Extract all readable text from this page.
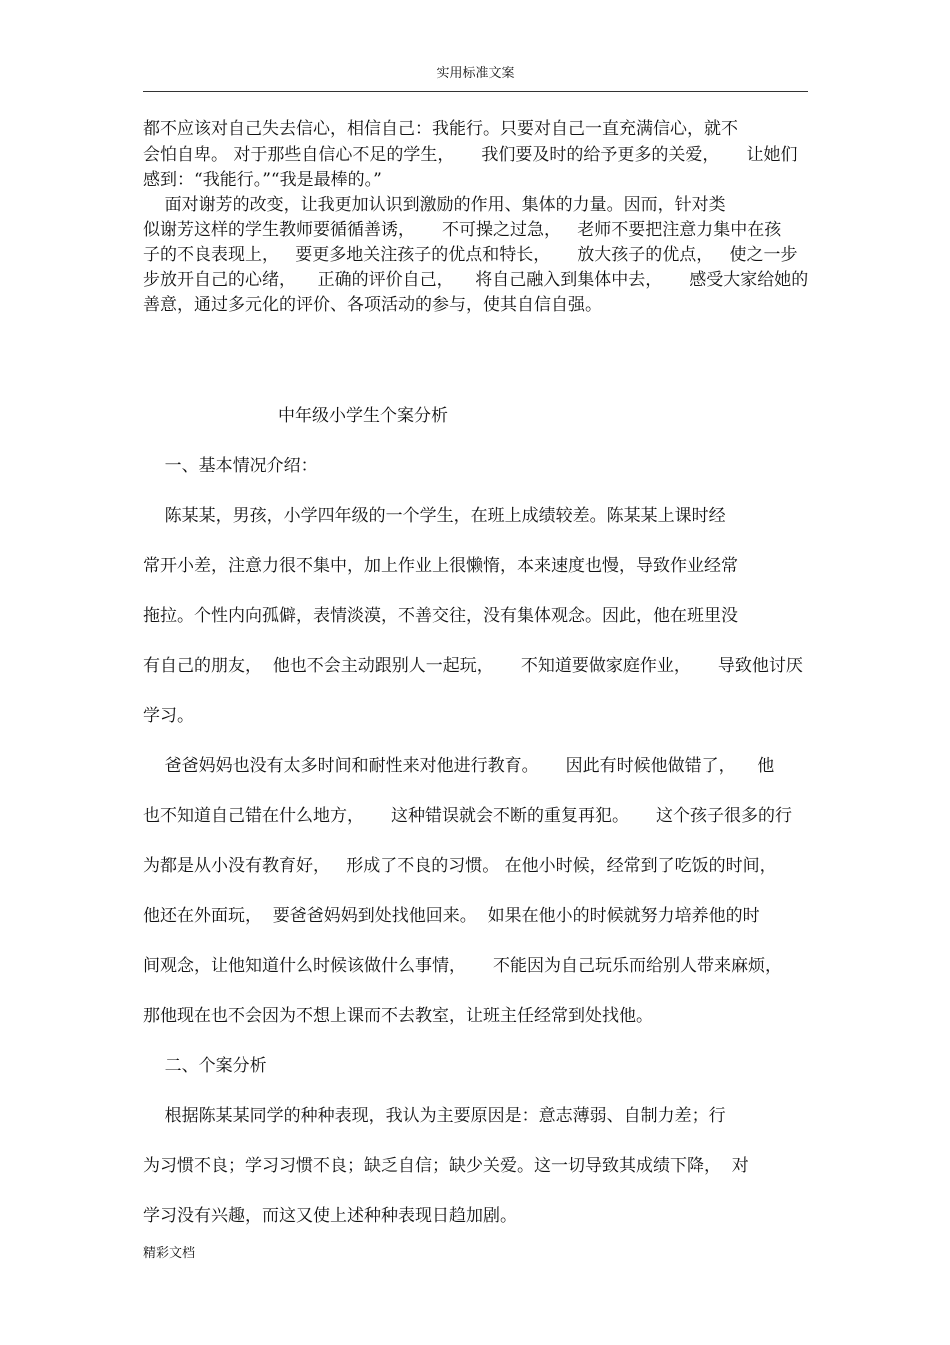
实用标准文案
都不应该对自己失去信心，相信自己：我能行。只要对自己一直充满信心，就不
会怕自卑。 对于那些自信心不足的学生，     我们要及时的给予更多的关爱，     让她们
感到：“我能行。”“我是最棒的。”
面对谢芳的改变，让我更加认识到激励的作用、集体的力量。因而，针对类
似谢芳这样的学生教师要循循善诱，     不可操之过急，   老师不要把注意力集中在孩
子的不良表现上，   要更多地关注孩子的优点和特长，     放大孩子的优点，   使之一步
步放开自己的心绪，    正确的评价自己，    将自己融入到集体中去，     感受大家给她的
善意，通过多元化的评价、各项活动的参与，使其自信自强。
中年级小学生个案分析
一、基本情况介绍：
陈某某，男孩，小学四年级的一个学生，在班上成绩较差。陈某某上课时经
常开小差，注意力很不集中，加上作业上很懒惰，本来速度也慢，导致作业经常
拖拉。个性内向孤僻，表情淡漠，不善交往，没有集体观念。因此，他在班里没
有自己的朋友，  他也不会主动跟别人一起玩，     不知道要做家庭作业，     导致他讨厌
学习。
爸爸妈妈也没有太多时间和耐性来对他进行教育。     因此有时候他做错了，    他
也不知道自己错在什么地方，     这种错误就会不断的重复再犯。     这个孩子很多的行
为都是从小没有教育好，   形成了不良的习惯。 在他小时候，经常到了吃饭的时间，
他还在外面玩，  要爸爸妈妈到处找他回来。  如果在他小的时候就努力培养他的时
间观念，让他知道什么时候该做什么事情，     不能因为自己玩乐而给别人带来麻烦，
那他现在也不会因为不想上课而不去教室，让班主任经常到处找他。
二、个案分析
根据陈某某同学的种种表现，我认为主要原因是：意志薄弱、自制力差；行
为习惯不良；学习习惯不良；缺乏自信；缺少关爱。这一切导致其成绩下降，  对
学习没有兴趣，而这又使上述种种表现日趋加剧。
精彩文档
